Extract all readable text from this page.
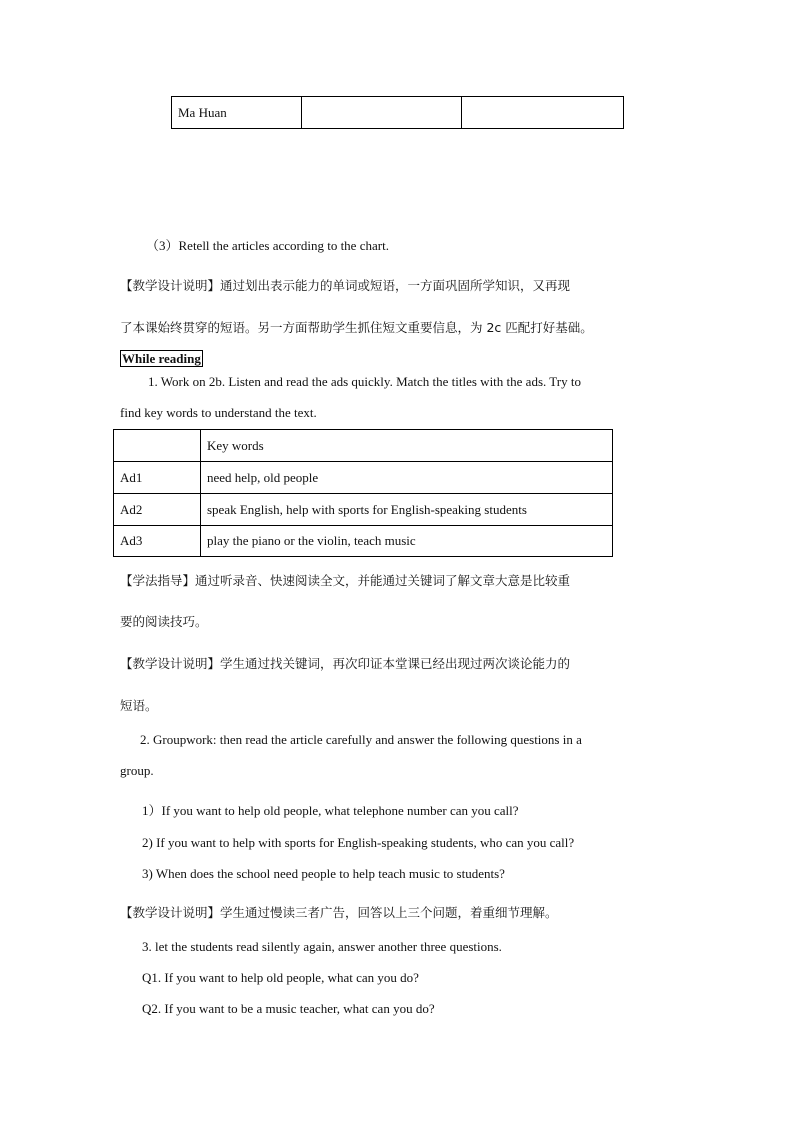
Ma Huan		
（3）Retell the articles according to the chart.
【教学设计说明】通过划出表示能力的单词或短语，一方面巩固所学知识，又再现
了本课始终贯穿的短语。另一方面帮助学生抓住短文重要信息，为 2c 匹配打好基础。
While reading
1. Work on 2b. Listen and read the ads quickly. Match the titles with the ads. Try to
find key words to understand the text.
	Key words
Ad1	need help, old people
Ad2	speak English, help with sports for English-speaking students
Ad3	play the piano or the violin, teach music
【学法指导】通过听录音、快速阅读全文，并能通过关键词了解文章大意是比较重
要的阅读技巧。
【教学设计说明】学生通过找关键词，再次印证本堂课已经出现过两次谈论能力的
短语。
2. Groupwork: then read the article carefully and answer the following questions in a
group.
1）If you want to help old people, what telephone number can you call?
2) If you want to help with sports for English-speaking students, who can you call?
3) When does the school need people to help teach music to students?
【教学设计说明】学生通过慢读三者广告，回答以上三个问题，着重细节理解。
3. let the students read silently again, answer another three questions.
Q1. If you want to help old people, what can you do?
Q2. If you want to be a music teacher, what can you do?
